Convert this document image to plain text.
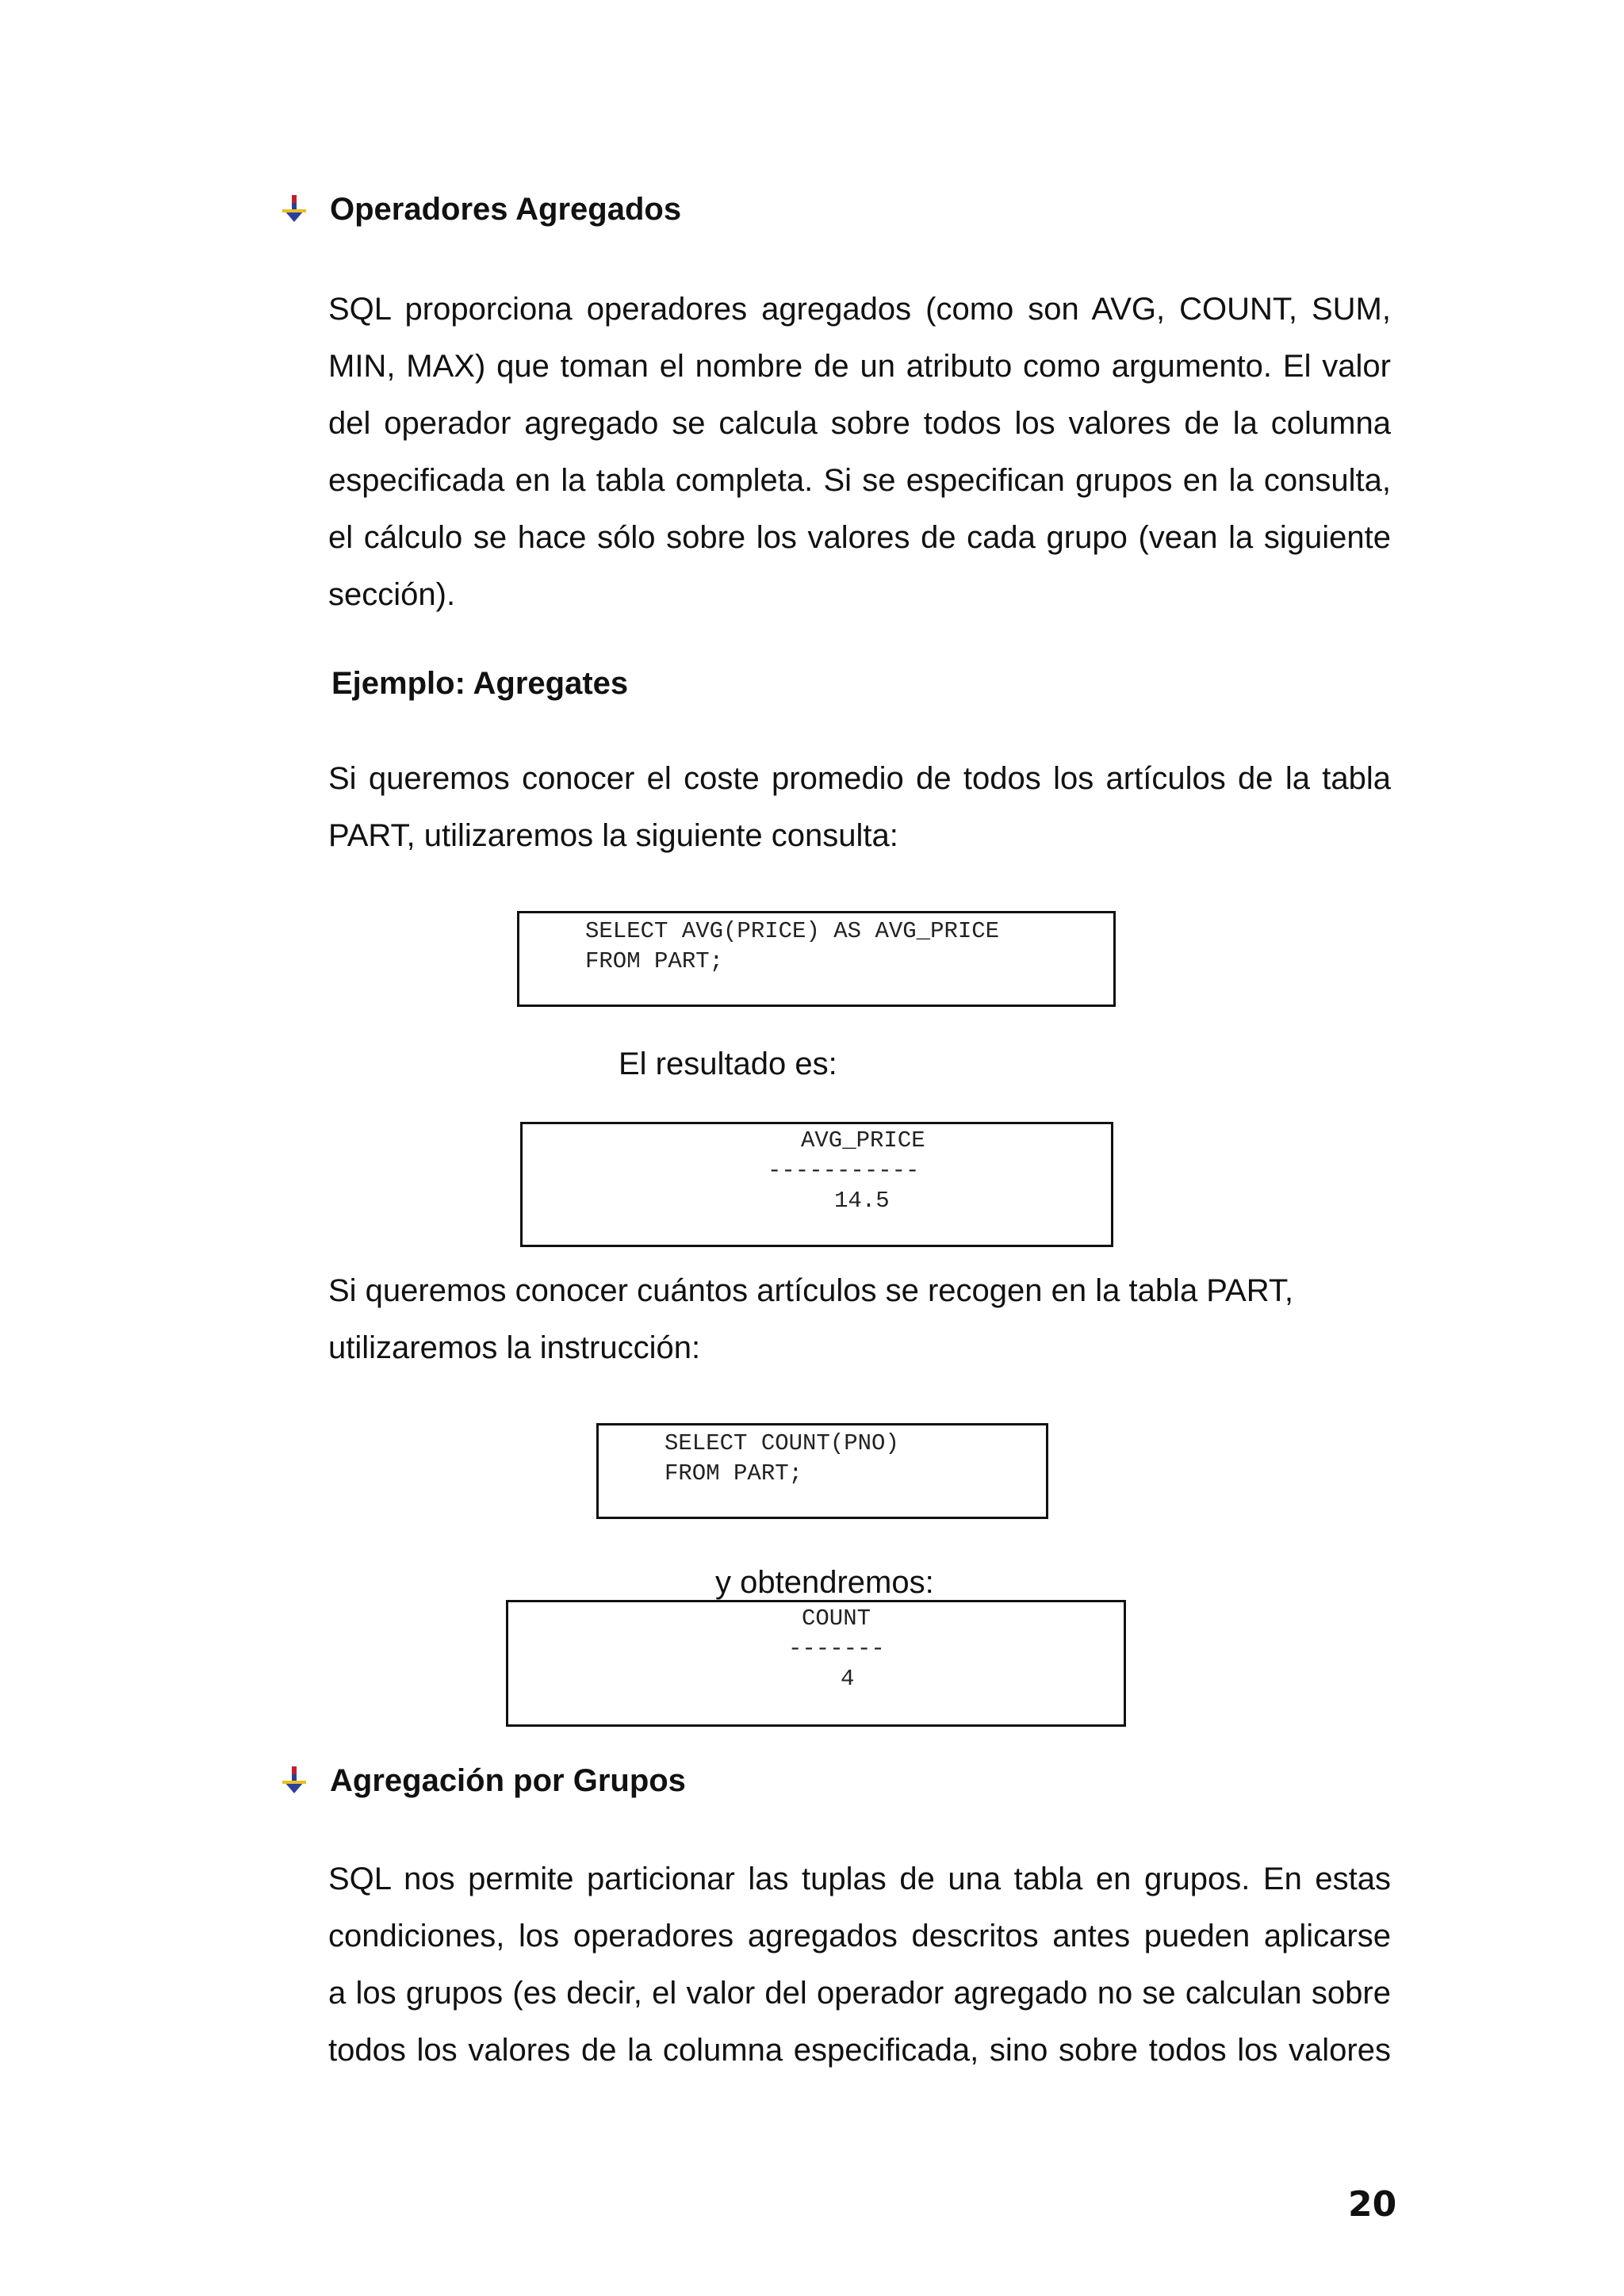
Operadores Agregados
SQL proporciona operadores agregados (como son AVG, COUNT, SUM,
MIN, MAX) que toman el nombre de un atributo como argumento. El valor
del operador agregado se calcula sobre todos los valores de la columna
especificada en la tabla completa. Si se especifican grupos en la consulta,
el cálculo se hace sólo sobre los valores de cada grupo (vean la siguiente
sección).
Ejemplo: Agregates
Si queremos conocer el coste promedio de todos los artículos de la tabla
PART, utilizaremos la siguiente consulta:
SELECT AVG(PRICE) AS AVG_PRICE
FROM PART;
El resultado es:
AVG_PRICE
-----------
14.5
Si queremos conocer cuántos artículos se recogen en la tabla PART,
utilizaremos la instrucción:
SELECT COUNT(PNO)
FROM PART;
y obtendremos:
COUNT
-------
4
Agregación por Grupos
SQL nos permite particionar las tuplas de una tabla en grupos. En estas
condiciones, los operadores agregados descritos antes pueden aplicarse
a los grupos (es decir, el valor del operador agregado no se calculan sobre
todos los valores de la columna especificada, sino sobre todos los valores
20
